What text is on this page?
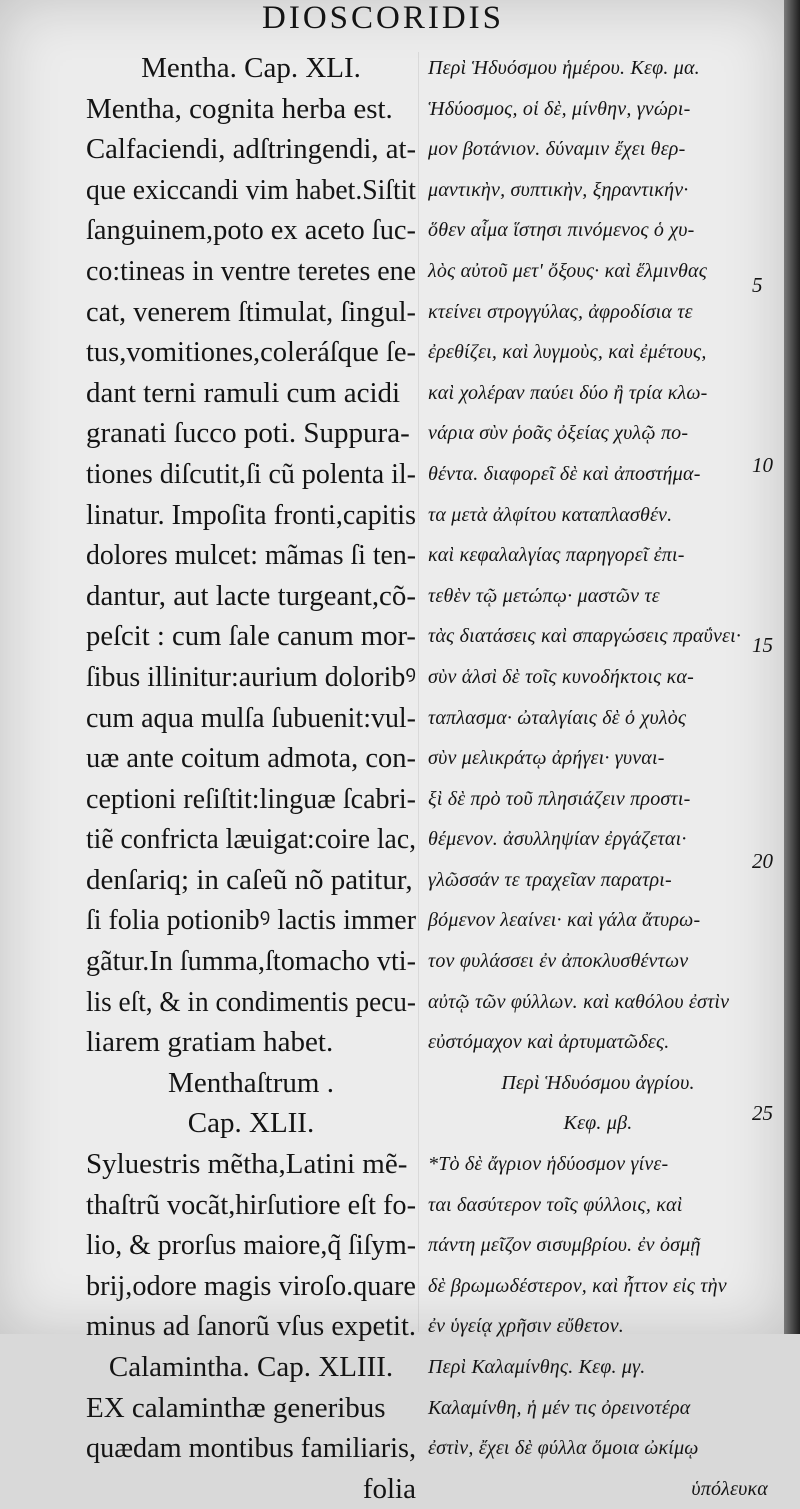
DIOSCORIDIS
Mentha. Cap. XLI.
Mentha, cognita herba est.
Calfaciendi, adſtringendi, at-
que exiccandi vim habet.Siſtit
ſanguinem,poto ex aceto ſuc-
co:tineas in ventre teretes ene
cat, venerem ſtimulat, ſingul-
tus,vomitiones,coleráſque ſe-
dant terni ramuli cum acidi
granati ſucco poti. Suppura-
tiones diſcutit,ſi cũ polenta il-
linatur. Impoſita fronti,capitis
dolores mulcet: mãmas ſi ten-
dantur, aut lacte turgeant,cõ-
peſcit : cum ſale canum mor-
ſibus illinitur:aurium doloribꝰ
cum aqua mulſa ſubuenit:vul-
uæ ante coitum admota, con-
ceptioni reſiſtit:linguæ ſcabri-
tiẽ confricta læuigat:coire lac,
denſariq; in caſeũ nõ patitur,
ſi folia potionibꝰ lactis immer
gãtur.In ſumma,ſtomacho vti-
lis eſt, & in condimentis pecu-
liarem gratiam habet.
Menthaſtrum .
Cap. XLII.
Syluestris mẽtha,Latini mẽ-
thaſtrũ vocãt,hirſutiore eſt fo-
lio, & prorſus maiore,q̃ ſiſym-
brij,odore magis viroſo.quare
minus ad ſanorũ vſus expetit.
Calamintha. Cap. XLIII.
EX calaminthæ generibus
quædam montibus familiaris,
folia
Περὶ Ἡδυόσμου ἡμέρου. Κεφ. μα.
Ἡδύοσμος, οἱ δὲ, μίνθην, γνώρι-
μον βοτάνιον. δύναμιν ἔχει θερ-
μαντικὴν, συπτικὴν, ξηραντικήν·
ὅθεν αἷμα ἵστησι πινόμενος ὁ χυ-
λὸς αὐτοῦ μετ' ὄξους· καὶ ἕλμινθας
κτείνει στρογγύλας, ἀφροδίσια τε
ἐρεθίζει, καὶ λυγμοὺς, καὶ ἐμέτους,
καὶ χολέραν παύει δύο ἢ τρία κλω-
νάρια σὺν ῥοᾶς ὀξείας χυλῷ πο-
θέντα. διαφορεῖ δὲ καὶ ἀποστήμα-
τα μετὰ ἀλφίτου καταπλασθέν.
καὶ κεφαλαλγίας παρηγορεῖ ἐπι-
τεθὲν τῷ μετώπῳ· μαστῶν τε
τὰς διατάσεις καὶ σπαργώσεις πραΰνει·
σὺν ἁλσὶ δὲ τοῖς κυνοδήκτοις κα-
ταπλασμα· ὠταλγίαις δὲ ὁ χυλὸς
σὺν μελικράτῳ ἀρήγει· γυναι-
ξὶ δὲ πρὸ τοῦ πλησιάζειν προστι-
θέμενον. ἀσυλληψίαν ἐργάζεται·
γλῶσσάν τε τραχεῖαν παρατρι-
βόμενον λεαίνει· καὶ γάλα ἄτυρω-
τον φυλάσσει ἐν ἀποκλυσθέντων
αὐτῷ τῶν φύλλων. καὶ καθόλου ἐστὶν
εὐστόμαχον καὶ ἀρτυματῶδες.
Περὶ Ἡδυόσμου ἀγρίου.
Κεφ. μβ.
*Τὸ δὲ ἄγριον ἡδύοσμον γίνε-
ται δασύτερον τοῖς φύλλοις, καὶ
πάντη μεῖζον σισυμβρίου. ἐν ὀσμῇ
δὲ βρωμωδέστερον, καὶ ἧττον εἰς τὴν
ἐν ὑγείᾳ χρῆσιν εὔθετον.
Περὶ Καλαμίνθης. Κεφ. μγ.
Καλαμίνθη, ἡ μέν τις ὀρεινοτέρα
ἐστὶν, ἔχει δὲ φύλλα ὅμοια ὠκίμῳ
ὑπόλευκα
5
10
15
20
25
